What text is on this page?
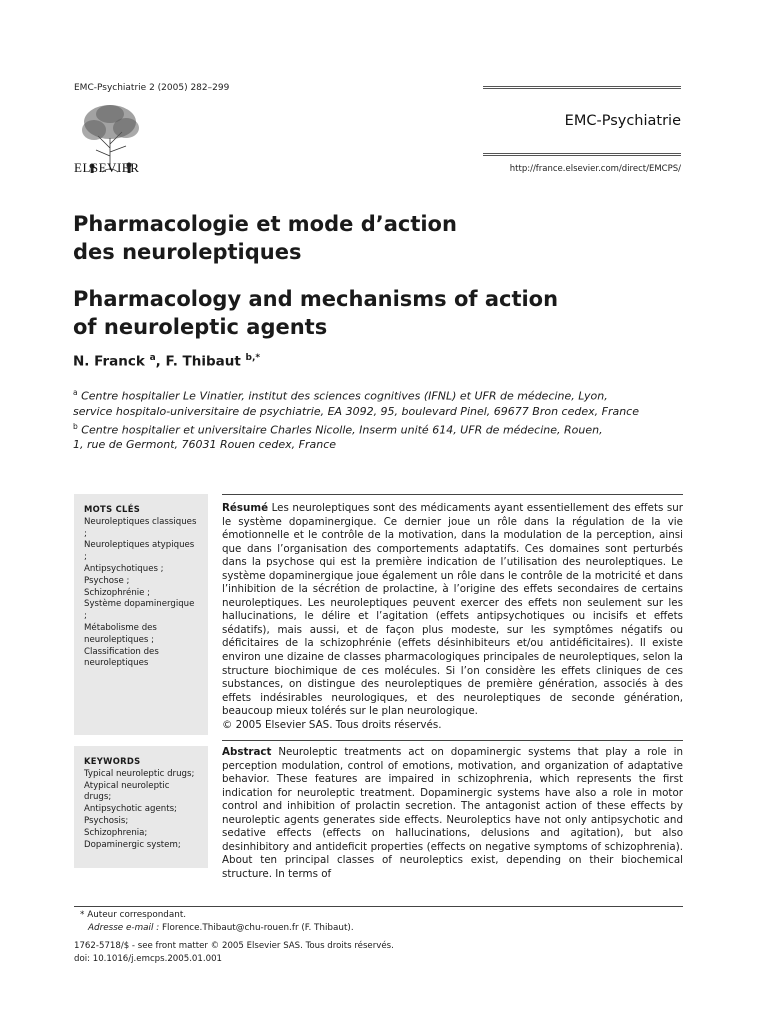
EMC-Psychiatrie 2 (2005) 282–299
ELSEVIER
EMC-Psychiatrie
http://france.elsevier.com/direct/EMCPS/
Pharmacologie et mode d’action
des neuroleptiques
Pharmacology and mechanisms of action
of neuroleptic agents
N. Franck $^a$, F. Thibaut $^{b,*}$
$^a$ Centre hospitalier Le Vinatier, institut des sciences cognitives (IFNL) et UFR de médecine, Lyon,
service hospitalo-universitaire de psychiatrie, EA 3092, 95, boulevard Pinel, 69677 Bron cedex, France
$^b$ Centre hospitalier et universitaire Charles Nicolle, Inserm unité 614, UFR de médecine, Rouen,
1, rue de Germont, 76031 Rouen cedex, France
MOTS CLÉS
Neuroleptiques classiques ;
Neuroleptiques atypiques ;
Antipsychotiques ;
Psychose ;
Schizophrénie ;
Système dopaminergique ;
Métabolisme des neuroleptiques ;
Classification des neuroleptiques
KEYWORDS
Typical neuroleptic drugs;
Atypical neuroleptic drugs;
Antipsychotic agents;
Psychosis;
Schizophrenia;
Dopaminergic system;
Résumé Les neuroleptiques sont des médicaments ayant essentiellement des effets sur le système dopaminergique. Ce dernier joue un rôle dans la régulation de la vie émotionnelle et le contrôle de la motivation, dans la modulation de la perception, ainsi que dans l’organisation des comportements adaptatifs. Ces domaines sont perturbés dans la psychose qui est la première indication de l’utilisation des neuroleptiques. Le système dopaminergique joue également un rôle dans le contrôle de la motricité et dans l’inhibition de la sécrétion de prolactine, à l’origine des effets secondaires de certains neuroleptiques. Les neuroleptiques peuvent exercer des effets non seulement sur les hallucinations, le délire et l’agitation (effets antipsychotiques ou incisifs et effets sédatifs), mais aussi, et de façon plus modeste, sur les symptômes négatifs ou déficitaires de la schizophrénie (effets désinhibiteurs et/ou antidéficitaires). Il existe environ une dizaine de classes pharmacologiques principales de neuroleptiques, selon la structure biochimique de ces molécules. Si l’on considère les effets cliniques de ces substances, on distingue des neuroleptiques de première génération, associés à des effets indésirables neurologiques, et des neuroleptiques de seconde génération, beaucoup mieux tolérés sur le plan neurologique.
© 2005 Elsevier SAS. Tous droits réservés.
Abstract Neuroleptic treatments act on dopaminergic systems that play a role in perception modulation, control of emotions, motivation, and organization of adaptative behavior. These features are impaired in schizophrenia, which represents the first indication for neuroleptic treatment. Dopaminergic systems have also a role in motor control and inhibition of prolactin secretion. The antagonist action of these effects by neuroleptic agents generates side effects. Neuroleptics have not only antipsychotic and sedative effects (effects on hallucinations, delusions and agitation), but also desinhibitory and antideficit properties (effects on negative symptoms of schizophrenia). About ten principal classes of neuroleptics exist, depending on their biochemical structure. In terms of
* Auteur correspondant.
Adresse e-mail : Florence.Thibaut@chu-rouen.fr (F. Thibaut).
1762-5718/$ - see front matter © 2005 Elsevier SAS. Tous droits réservés.
doi: 10.1016/j.emcps.2005.01.001
